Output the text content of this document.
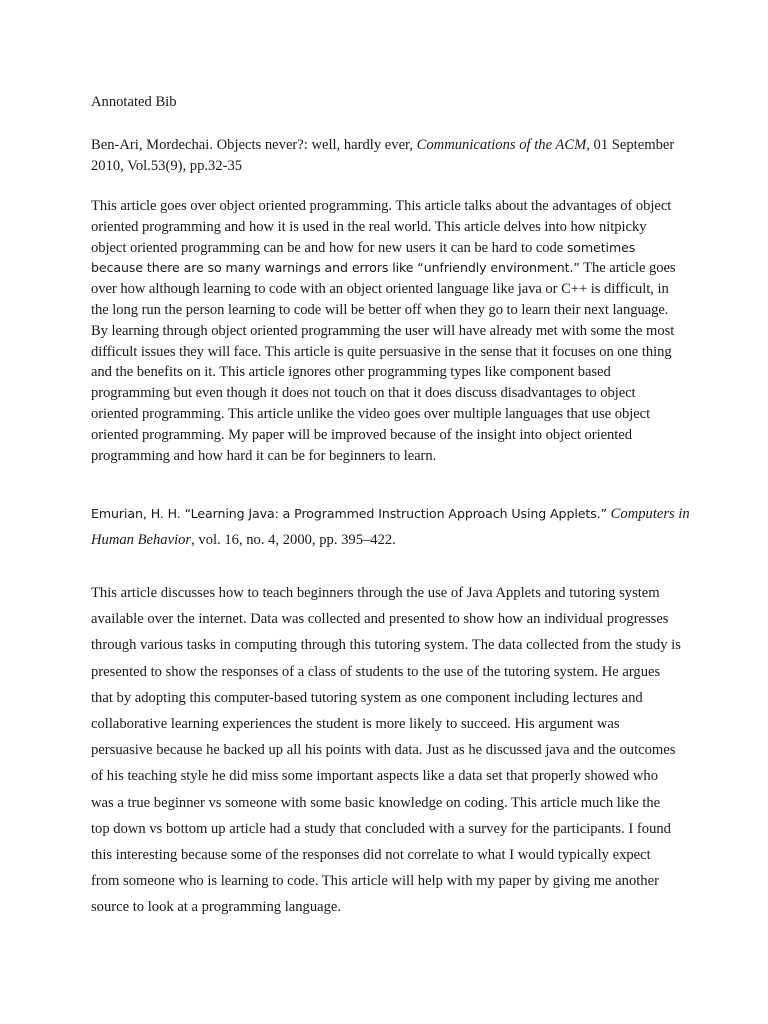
Annotated Bib

Ben-Ari, Mordechai. Objects never?: well, hardly ever, Communications of the ACM, 01 September 2010, Vol.53(9), pp.32-35

This article goes over object oriented programming. This article talks about the advantages of object oriented programming and how it is used in the real world. This article delves into how nitpicky object oriented programming can be and how for new users it can be hard to code sometimes because there are so many warnings and errors like “unfriendly environment.” The article goes over how although learning to code with an object oriented language like java or C++ is difficult, in the long run the person learning to code will be better off when they go to learn their next language. By learning through object oriented programming the user will have already met with some the most difficult issues they will face. This article is quite persuasive in the sense that it focuses on one thing and the benefits on it. This article ignores other programming types like component based programming but even though it does not touch on that it does discuss disadvantages to object oriented programming. This article unlike the video goes over multiple languages that use object oriented programming. My paper will be improved because of the insight into object oriented programming and how hard it can be for beginners to learn.

Emurian, H. H. “Learning Java: a Programmed Instruction Approach Using Applets.” Computers in Human Behavior, vol. 16, no. 4, 2000, pp. 395–422.

This article discusses how to teach beginners through the use of Java Applets and tutoring system available over the internet. Data was collected and presented to show how an individual progresses through various tasks in computing through this tutoring system. The data collected from the study is presented to show the responses of a class of students to the use of the tutoring system. He argues that by adopting this computer-based tutoring system as one component including lectures and collaborative learning experiences the student is more likely to succeed. His argument was persuasive because he backed up all his points with data. Just as he discussed java and the outcomes of his teaching style he did miss some important aspects like a data set that properly showed who was a true beginner vs someone with some basic knowledge on coding. This article much like the top down vs bottom up article had a study that concluded with a survey for the participants. I found this interesting because some of the responses did not correlate to what I would typically expect from someone who is learning to code. This article will help with my paper by giving me another source to look at a programming language.
